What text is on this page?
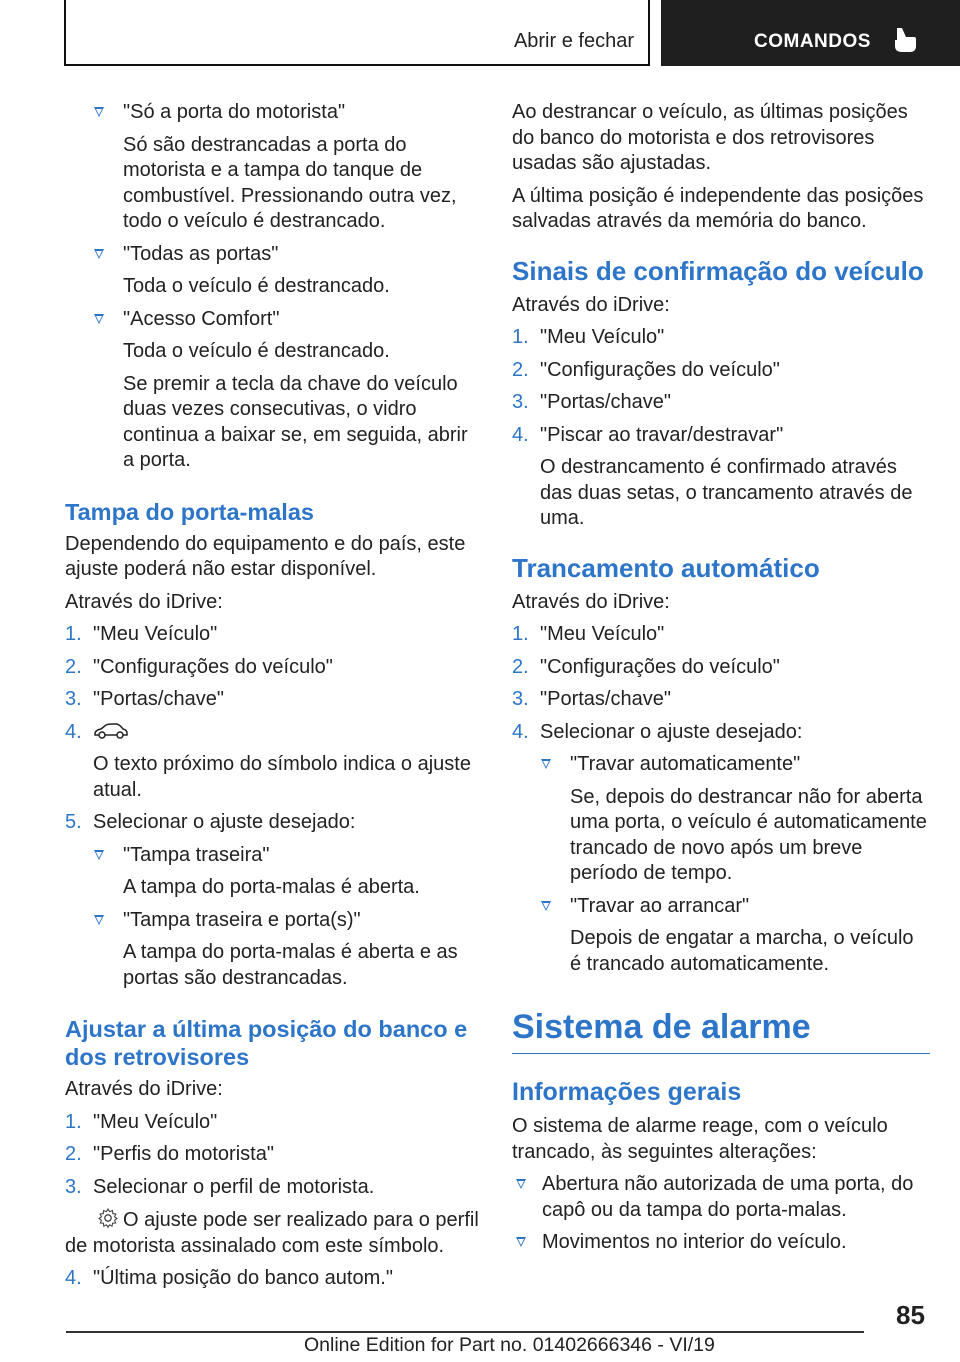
Abrir e fechar	COMANDOS
"Só a porta do motorista"
Só são destrancadas a porta do motorista e a tampa do tanque de combustível. Pressionando outra vez, todo o veículo é destrancado.
"Todas as portas"
Toda o veículo é destrancado.
"Acesso Comfort"
Toda o veículo é destrancado.
Se premir a tecla da chave do veículo duas vezes consecutivas, o vidro continua a baixar se, em seguida, abrir a porta.
Tampa do porta-malas
Dependendo do equipamento e do país, este ajuste poderá não estar disponível.
Através do iDrive:
1. "Meu Veículo"
2. "Configurações do veículo"
3. "Portas/chave"
4.
O texto próximo do símbolo indica o ajuste atual.
5. Selecionar o ajuste desejado:
"Tampa traseira"
A tampa do porta-malas é aberta.
"Tampa traseira e porta(s)"
A tampa do porta-malas é aberta e as portas são destrancadas.
Ajustar a última posição do banco e dos retrovisores
Através do iDrive:
1. "Meu Veículo"
2. "Perfis do motorista"
3. Selecionar o perfil de motorista.
O ajuste pode ser realizado para o perfil de motorista assinalado com este símbolo.
4. "Última posição do banco autom."
Ao destrancar o veículo, as últimas posições do banco do motorista e dos retrovisores usadas são ajustadas.
A última posição é independente das posições salvadas através da memória do banco.
Sinais de confirmação do veículo
Através do iDrive:
1. "Meu Veículo"
2. "Configurações do veículo"
3. "Portas/chave"
4. "Piscar ao travar/destravar"
O destrancamento é confirmado através das duas setas, o trancamento através de uma.
Trancamento automático
Através do iDrive:
1. "Meu Veículo"
2. "Configurações do veículo"
3. "Portas/chave"
4. Selecionar o ajuste desejado:
"Travar automaticamente"
Se, depois do destrancar não for aberta uma porta, o veículo é automaticamente trancado de novo após um breve período de tempo.
"Travar ao arrancar"
Depois de engatar a marcha, o veículo é trancado automaticamente.
Sistema de alarme
Informações gerais
O sistema de alarme reage, com o veículo trancado, às seguintes alterações:
Abertura não autorizada de uma porta, do capô ou da tampa do porta-malas.
Movimentos no interior do veículo.
85
Online Edition for Part no. 01402666346 - VI/19
